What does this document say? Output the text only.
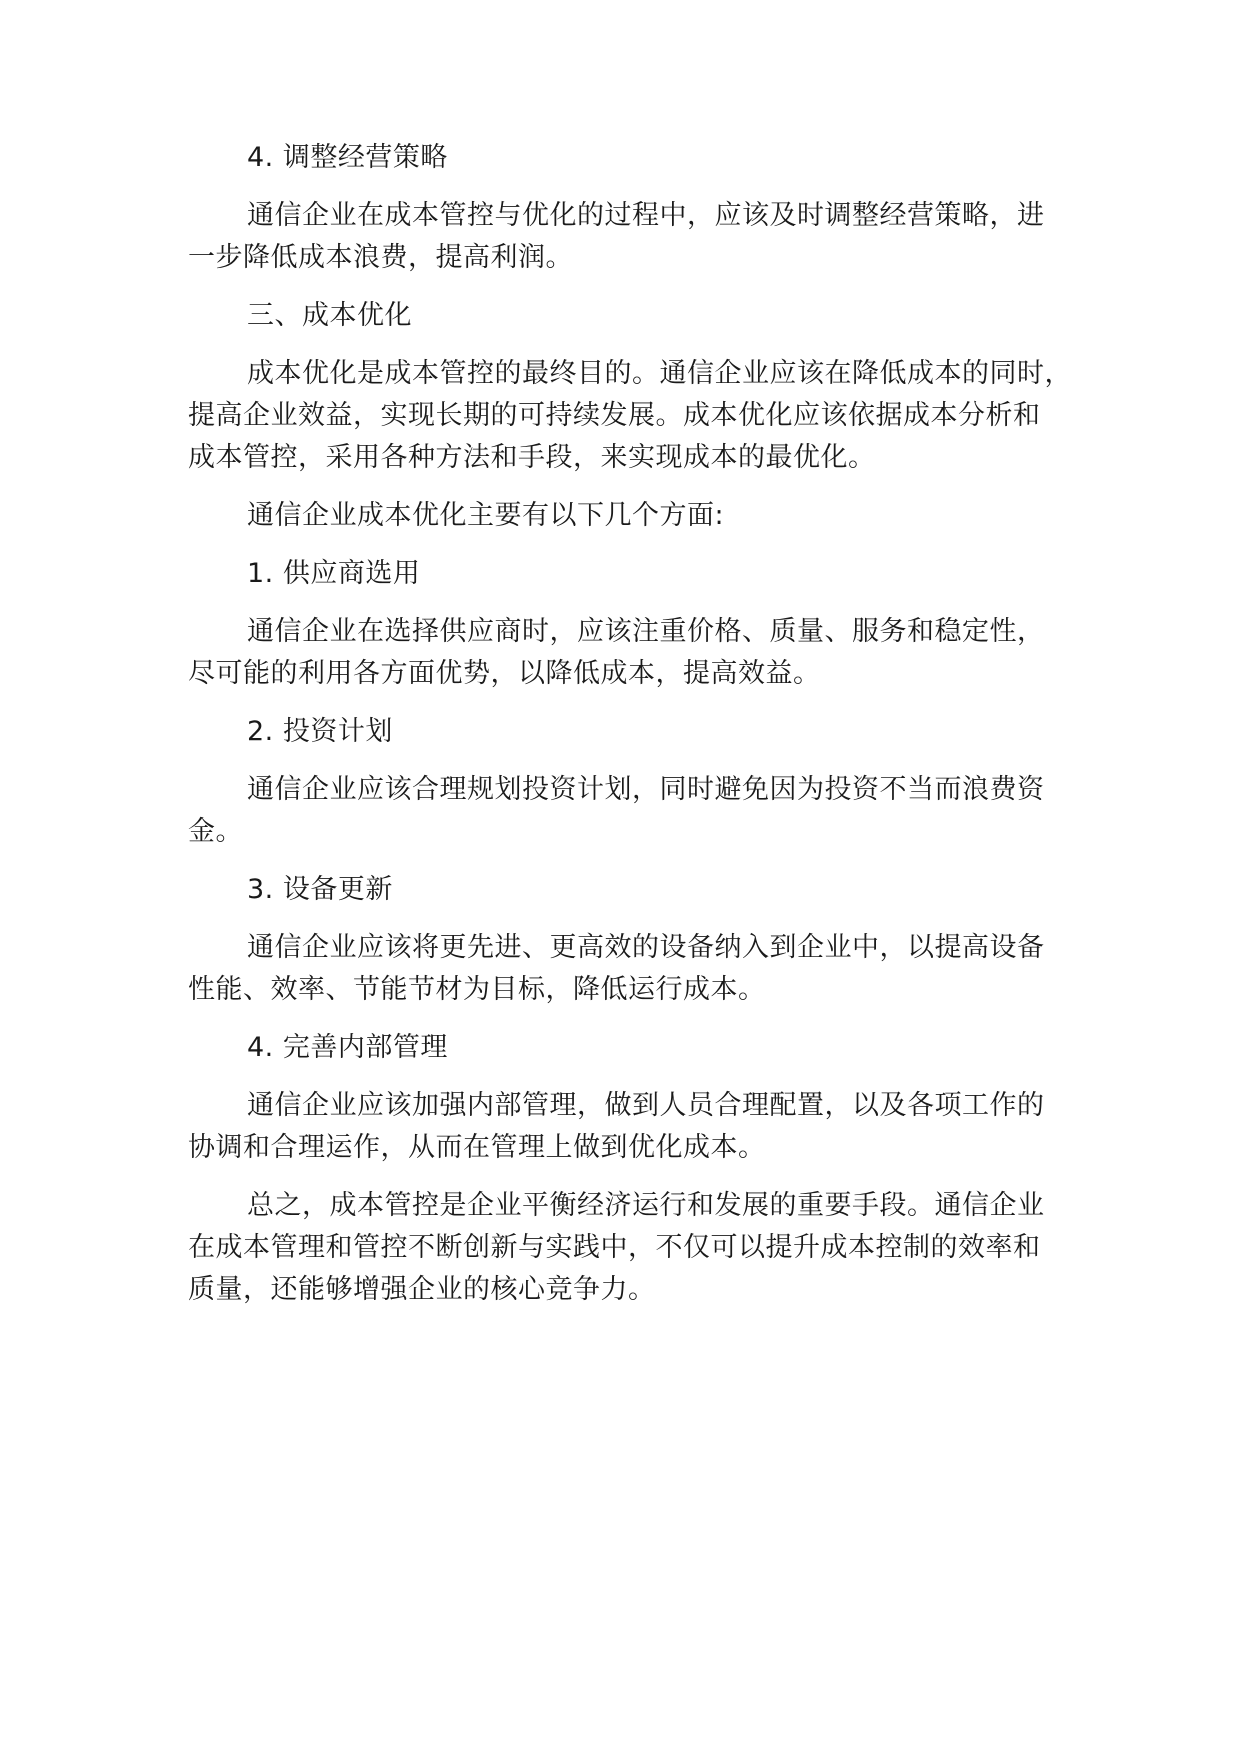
4. 调整经营策略
通信企业在成本管控与优化的过程中，应该及时调整经营策略，进
一步降低成本浪费，提高利润。
三、成本优化
成本优化是成本管控的最终目的。通信企业应该在降低成本的同时，
提高企业效益，实现长期的可持续发展。成本优化应该依据成本分析和
成本管控，采用各种方法和手段，来实现成本的最优化。
通信企业成本优化主要有以下几个方面:
1. 供应商选用
通信企业在选择供应商时，应该注重价格、质量、服务和稳定性，
尽可能的利用各方面优势，以降低成本，提高效益。
2. 投资计划
通信企业应该合理规划投资计划，同时避免因为投资不当而浪费资
金。
3. 设备更新
通信企业应该将更先进、更高效的设备纳入到企业中，以提高设备
性能、效率、节能节材为目标，降低运行成本。
4. 完善内部管理
通信企业应该加强内部管理，做到人员合理配置，以及各项工作的
协调和合理运作，从而在管理上做到优化成本。
总之，成本管控是企业平衡经济运行和发展的重要手段。通信企业
在成本管理和管控不断创新与实践中，不仅可以提升成本控制的效率和
质量，还能够增强企业的核心竞争力。
